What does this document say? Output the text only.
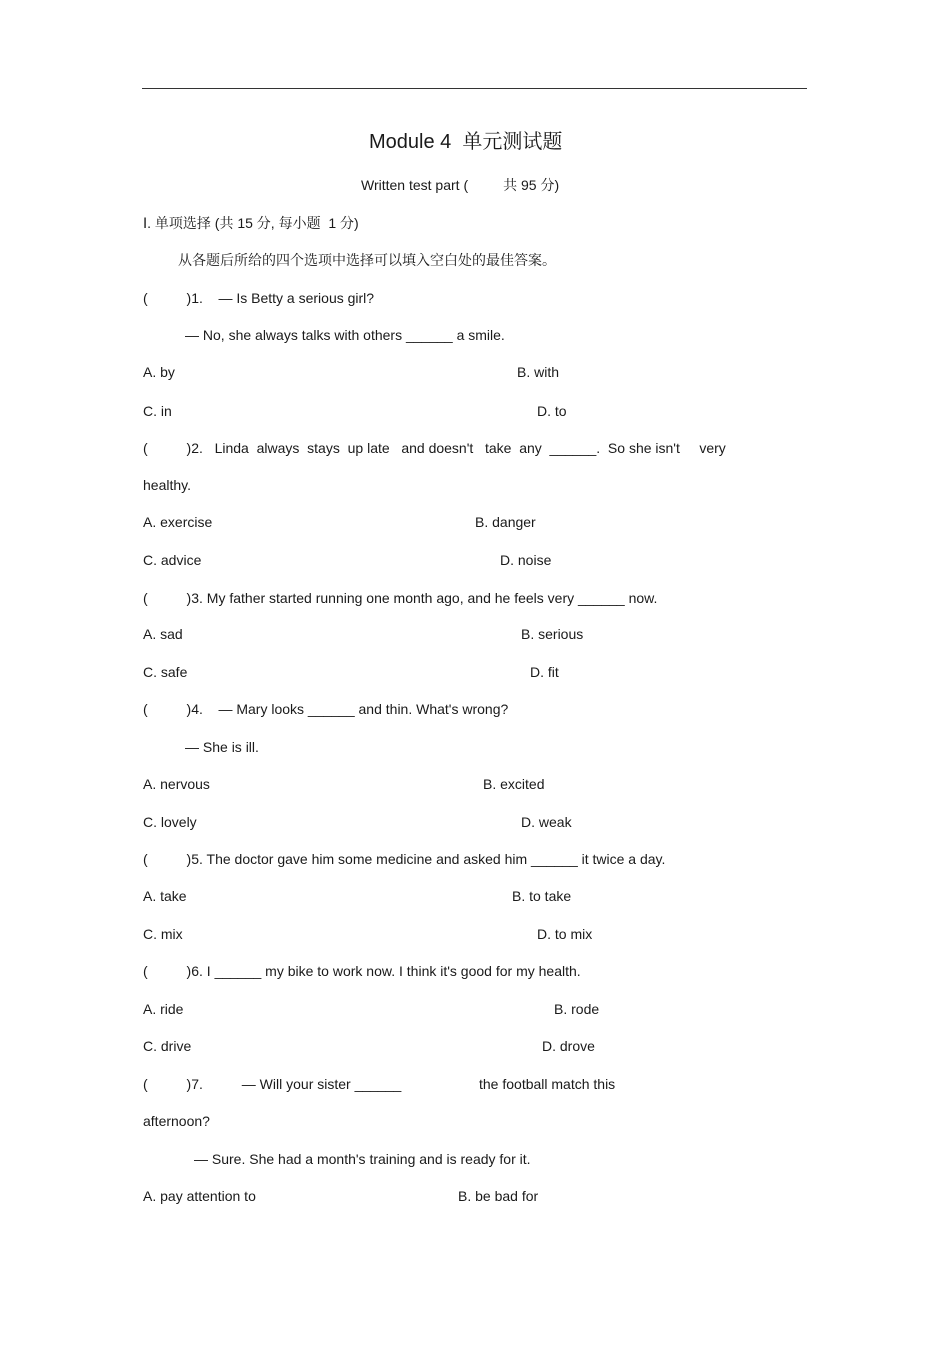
Module 4  单元测试题
Written test part (         共 95 分)
Ⅰ. 单项选择 (共 15 分, 每小题  1 分)
从各题后所给的四个选项中选择可以填入空白处的最佳答案。
(          )1.    — Is Betty a serious girl?
— No, she always talks with others ______ a smile.
A. by	B. with
C. in	D. to
(          )2.   Linda  always  stays  up late   and doesn't   take  any  ______.  So she isn't     very
healthy.
A. exercise	B. danger
C. advice	D. noise
(          )3. My father started running one month ago, and he feels very ______ now.
A. sad	B. serious
C. safe	D. fit
(          )4.    — Mary looks ______ and thin. What's wrong?
— She is ill.
A. nervous	B. excited
C. lovely	D. weak
(          )5. The doctor gave him some medicine and asked him ______ it twice a day.
A. take	B. to take
C. mix	D. to mix
(          )6. I ______ my bike to work now. I think it's good for my health.
A. ride	B. rode
C. drive	D. drove
(          )7.          — Will your sister ______	the football match this
afternoon?
— Sure. She had a month's training and is ready for it.
A. pay attention to	B. be bad for
